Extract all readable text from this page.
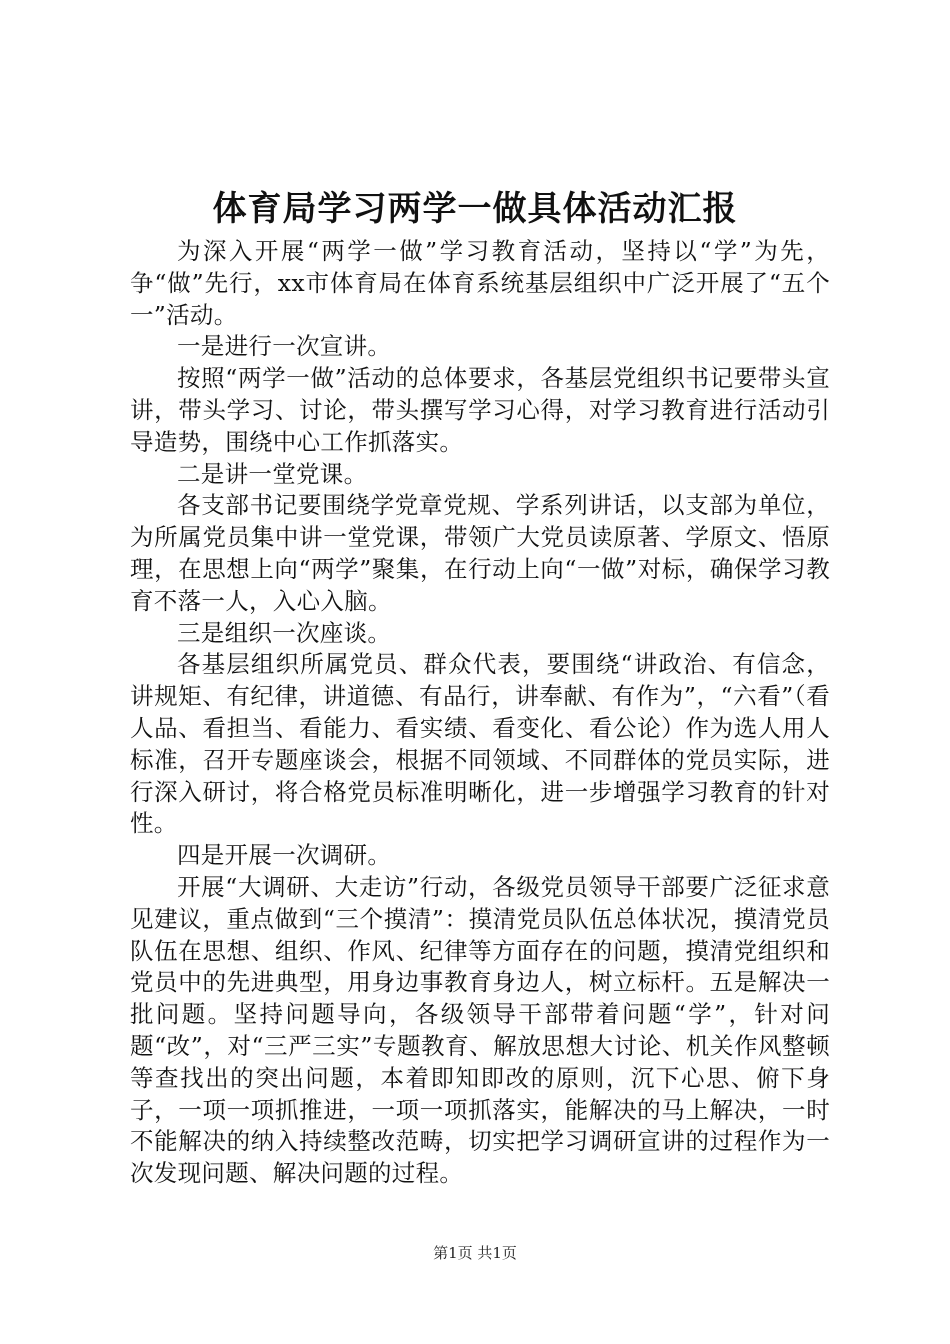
体育局学习两学一做具体活动汇报

为深入开展“两学一做”学习教育活动，坚持以“学”为先，争“做”先行，xx市体育局在体育系统基层组织中广泛开展了“五个一”活动。

一是进行一次宣讲。

按照“两学一做”活动的总体要求，各基层党组织书记要带头宣讲，带头学习、讨论，带头撰写学习心得，对学习教育进行活动引导造势，围绕中心工作抓落实。

二是讲一堂党课。

各支部书记要围绕学党章党规、学系列讲话，以支部为单位，为所属党员集中讲一堂党课，带领广大党员读原著、学原文、悟原理，在思想上向“两学”聚集，在行动上向“一做”对标，确保学习教育不落一人，入心入脑。

三是组织一次座谈。

各基层组织所属党员、群众代表，要围绕“讲政治、有信念，讲规矩、有纪律，讲道德、有品行，讲奉献、有作为”，“六看”（看人品、看担当、看能力、看实绩、看变化、看公论）作为选人用人标准，召开专题座谈会，根据不同领域、不同群体的党员实际，进行深入研讨，将合格党员标准明晰化，进一步增强学习教育的针对性。

四是开展一次调研。

开展“大调研、大走访”行动，各级党员领导干部要广泛征求意见建议，重点做到“三个摸清”：摸清党员队伍总体状况，摸清党员队伍在思想、组织、作风、纪律等方面存在的问题，摸清党组织和党员中的先进典型，用身边事教育身边人，树立标杆。五是解决一批问题。坚持问题导向，各级领导干部带着问题“学”，针对问题“改”，对“三严三实”专题教育、解放思想大讨论、机关作风整顿等查找出的突出问题，本着即知即改的原则，沉下心思、俯下身子，一项一项抓推进，一项一项抓落实，能解决的马上解决，一时不能解决的纳入持续整改范畴，切实把学习调研宣讲的过程作为一次发现问题、解决问题的过程。

第1页 共1页
